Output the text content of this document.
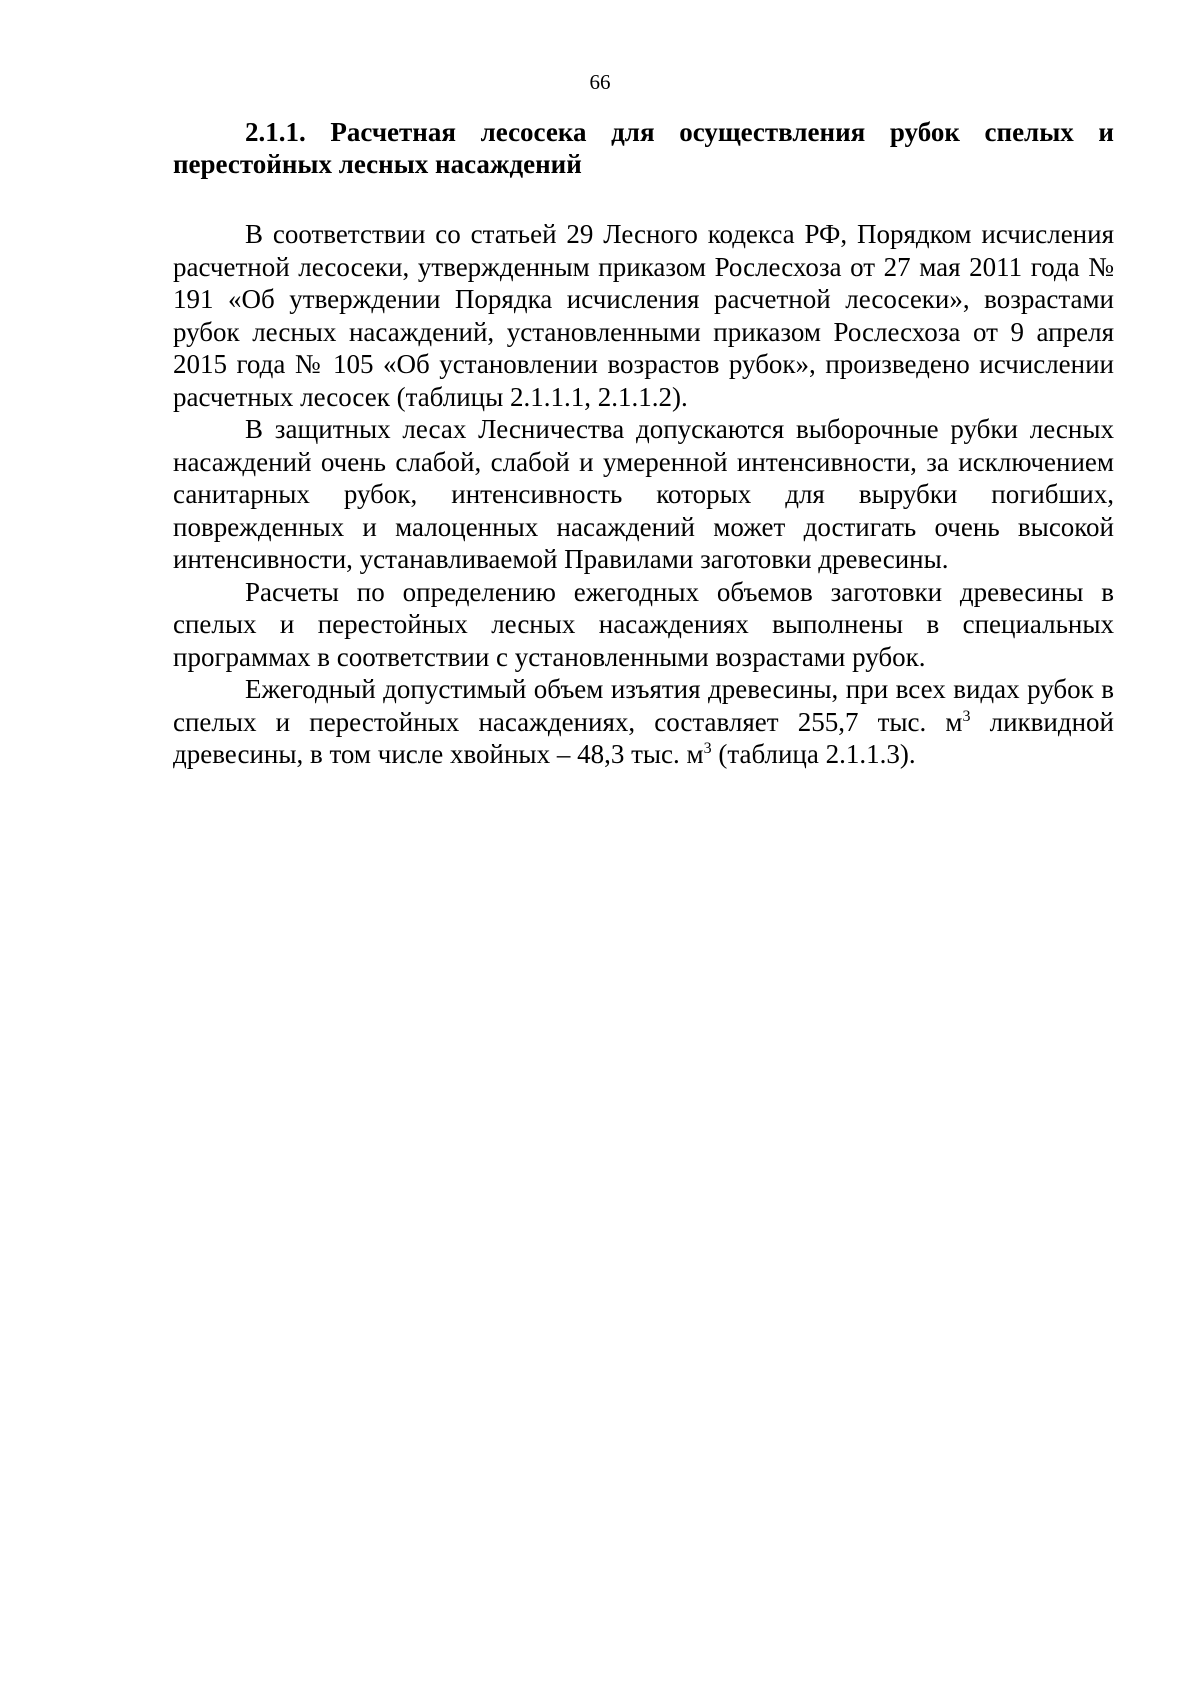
66
2.1.1. Расчетная лесосека для осуществления рубок спелых и перестойных лесных насаждений

В соответствии со статьей 29 Лесного кодекса РФ, Порядком исчисления расчетной лесосеки, утвержденным приказом Рослесхоза от 27 мая 2011 года № 191 «Об утверждении Порядка исчисления расчетной лесосеки», возрастами рубок лесных насаждений, установленными приказом Рослесхоза от 9 апреля 2015 года № 105 «Об установлении возрастов рубок», произведено исчислении расчетных лесосек (таблицы 2.1.1.1, 2.1.1.2).

В защитных лесах Лесничества допускаются выборочные рубки лесных насаждений очень слабой, слабой и умеренной интенсивности, за исключением санитарных рубок, интенсивность которых для вырубки погибших, поврежденных и малоценных насаждений может достигать очень высокой интенсивности, устанавливаемой Правилами заготовки древесины.

Расчеты по определению ежегодных объемов заготовки древесины в спелых и перестойных лесных насаждениях выполнены в специальных программах в соответствии с установленными возрастами рубок.

Ежегодный допустимый объем изъятия древесины, при всех видах рубок в спелых и перестойных насаждениях, составляет 255,7 тыс. $м^3$ ликвидной древесины, в том числе хвойных – 48,3 тыс. $м^3$ (таблица 2.1.1.3).
